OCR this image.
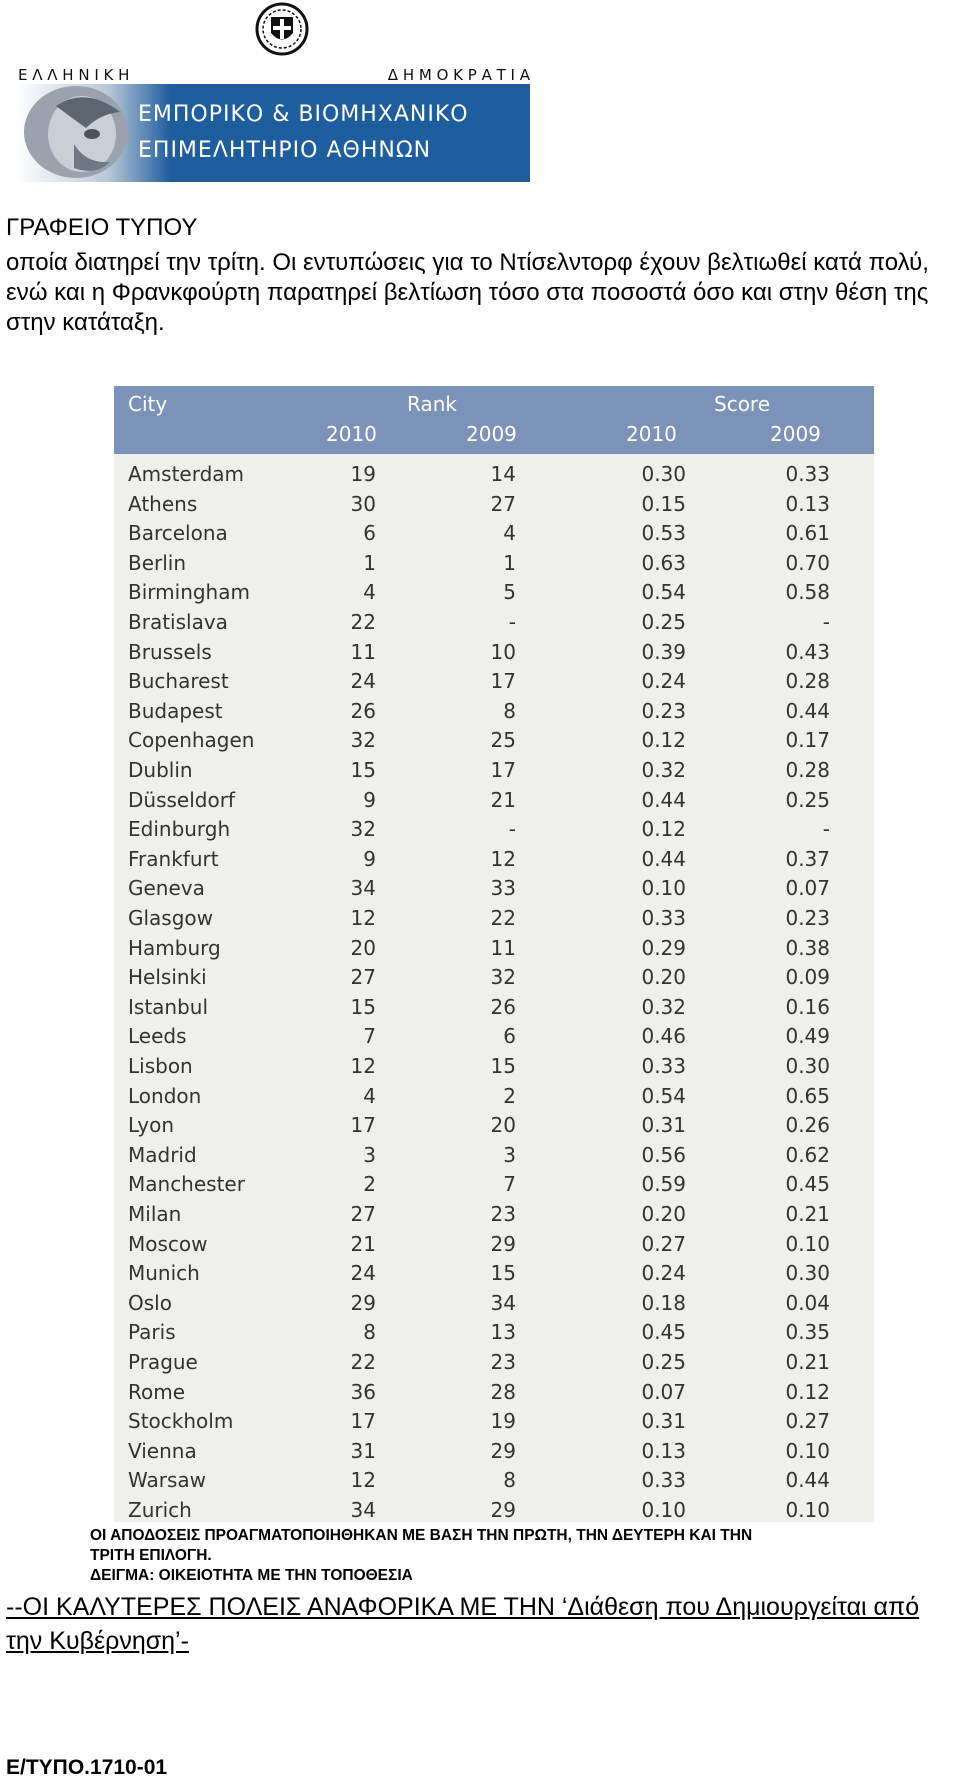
Ε Λ Λ Η Ν Ι Κ Η	Δ Η Μ Ο Κ Ρ Α Τ Ι Α
ΕΜΠΟΡΙΚΟ & ΒΙΟΜΗΧΑΝΙΚΟ
ΕΠΙΜΕΛΗΤΗΡΙΟ ΑΘΗΝΩΝ
ΓΡΑΦΕΙΟ ΤΥΠΟΥ
οποία διατηρεί την τρίτη. Οι εντυπώσεις για το Ντίσελντορφ έχουν βελτιωθεί κατά πολύ, ενώ και η Φρανκφούρτη παρατηρεί βελτίωση τόσο στα ποσοστά όσο και στην θέση της στην κατάταξη.
City	Rank	Score
2010	2009	2010	2009
Amsterdam	19	14	0.30	0.33
Athens	30	27	0.15	0.13
Barcelona	6	4	0.53	0.61
Berlin	1	1	0.63	0.70
Birmingham	4	5	0.54	0.58
Bratislava	22	-	0.25	-
Brussels	11	10	0.39	0.43
Bucharest	24	17	0.24	0.28
Budapest	26	8	0.23	0.44
Copenhagen	32	25	0.12	0.17
Dublin	15	17	0.32	0.28
Düsseldorf	9	21	0.44	0.25
Edinburgh	32	-	0.12	-
Frankfurt	9	12	0.44	0.37
Geneva	34	33	0.10	0.07
Glasgow	12	22	0.33	0.23
Hamburg	20	11	0.29	0.38
Helsinki	27	32	0.20	0.09
Istanbul	15	26	0.32	0.16
Leeds	7	6	0.46	0.49
Lisbon	12	15	0.33	0.30
London	4	2	0.54	0.65
Lyon	17	20	0.31	0.26
Madrid	3	3	0.56	0.62
Manchester	2	7	0.59	0.45
Milan	27	23	0.20	0.21
Moscow	21	29	0.27	0.10
Munich	24	15	0.24	0.30
Oslo	29	34	0.18	0.04
Paris	8	13	0.45	0.35
Prague	22	23	0.25	0.21
Rome	36	28	0.07	0.12
Stockholm	17	19	0.31	0.27
Vienna	31	29	0.13	0.10
Warsaw	12	8	0.33	0.44
Zurich	34	29	0.10	0.10
ΟΙ ΑΠΟΔΟΣΕΙΣ ΠΡΟΑΓΜΑΤΟΠΟΙΗΘΗΚΑΝ ΜΕ ΒΑΣΗ ΤΗΝ ΠΡΩΤΗ, ΤΗΝ ΔΕΥΤΕΡΗ ΚΑΙ ΤΗΝ
ΤΡΙΤΗ ΕΠΙΛΟΓΗ.
ΔΕΙΓΜΑ: ΟΙΚΕΙΟΤΗΤΑ ΜΕ ΤΗΝ ΤΟΠΟΘΕΣΙΑ
--ΟΙ ΚΑΛΥΤΕΡΕΣ ΠΟΛΕΙΣ ΑΝΑΦΟΡΙΚΑ ΜΕ ΤΗΝ ‘Διάθεση που Δημιουργείται από την Κυβέρνηση’-
Ε/ΤΥΠΟ.1710-01
